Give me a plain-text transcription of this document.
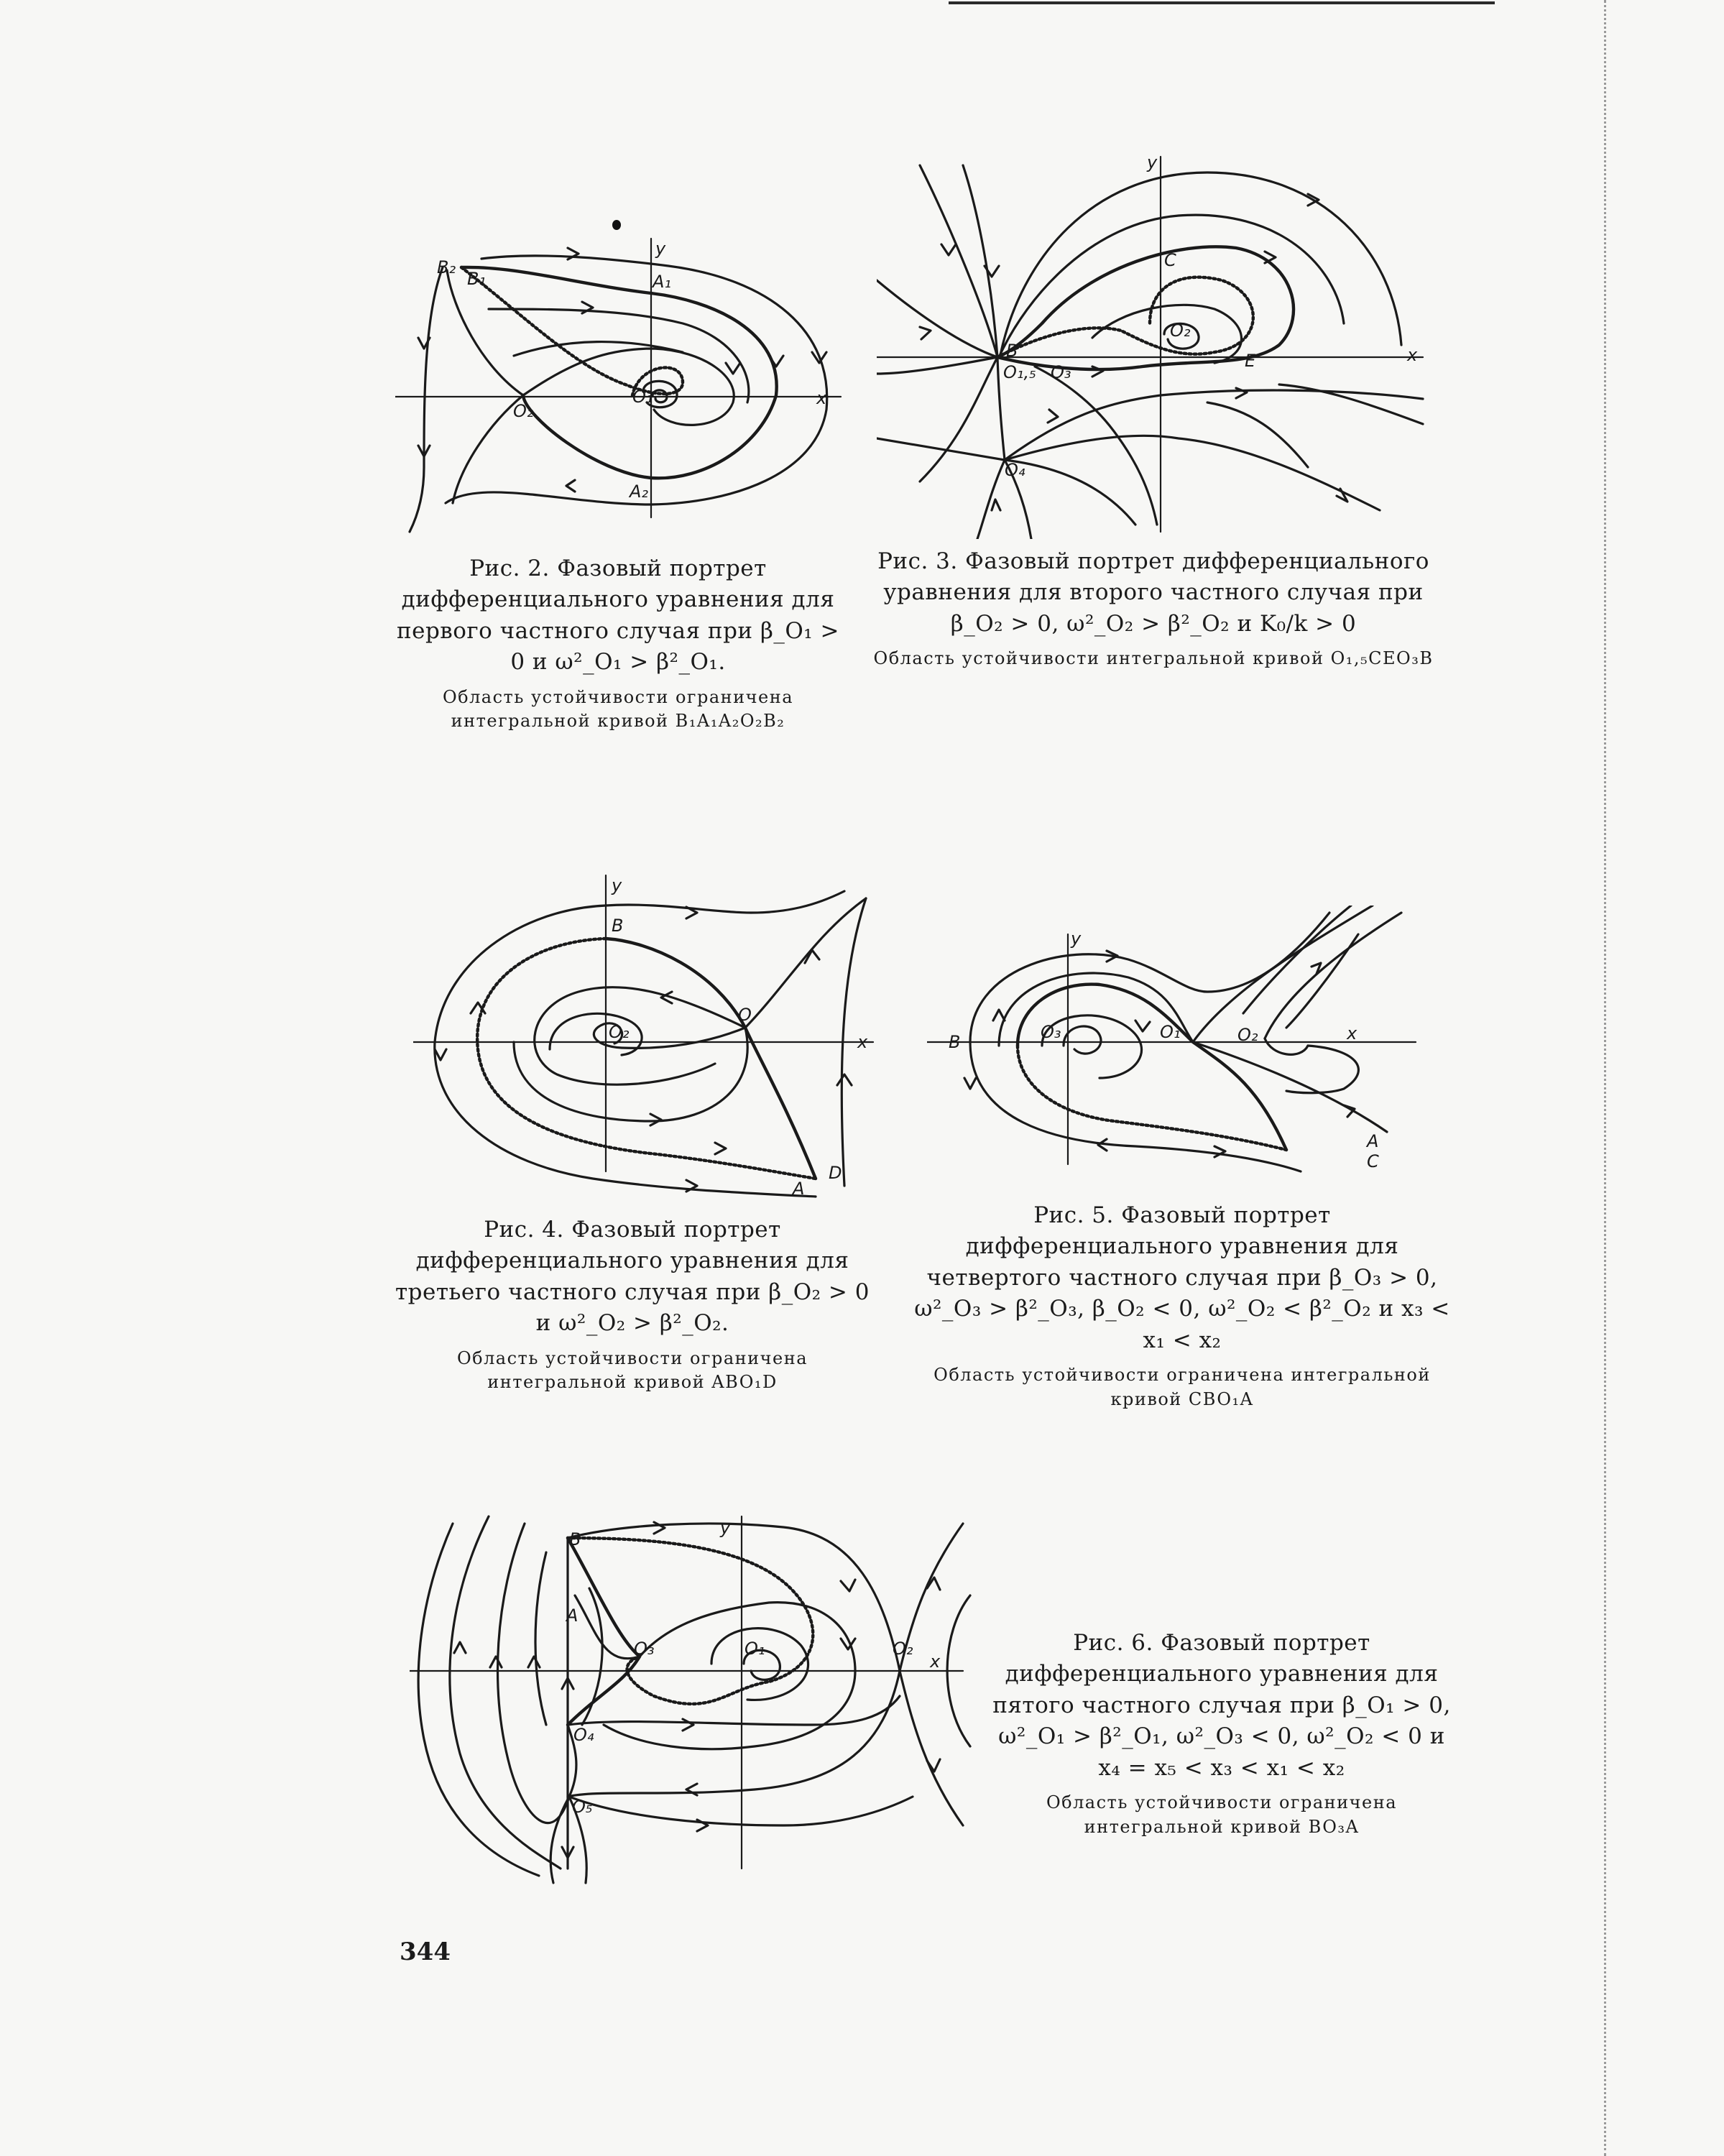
y
x
B₂
B₁	A₁
O₂
O₁
A₂

Рис. 2. Фазовый портрет дифференциального уравнения для первого частного случая при β_O₁ > 0 и ω²_O₁ > β²_O₁.

Область устойчивости ограничена интегральной кривой B₁A₁A₂O₂B₂

y
x
C
O₂
E
B
O₁,₅ O₃
O₄

Рис. 3. Фазовый портрет дифференциального уравнения для второго частного случая при β_O₂ > 0, ω²_O₂ > β²_O₂ и K₀/k > 0

Область устойчивости интегральной кривой O₁,₅CEO₃B

y
x
B
O₂
O
D
A

Рис. 4. Фазовый портрет дифференциального уравнения для третьего частного случая при β_O₂ > 0 и ω²_O₂ > β²_O₂.

Область устойчивости ограничена интегральной кривой ABO₁D

y
x
B	O₃	O₁	O₂
A
C

Рис. 5. Фазовый портрет дифференциального уравнения для четвертого частного случая при β_O₃ > 0, ω²_O₃ > β²_O₃, β_O₂ < 0, ω²_O₂ < β²_O₂ и x₃ < x₁ < x₂

Область устойчивости ограничена интегральной кривой CBO₁A

y
x
B
A
O₃	O₁	O₂
O₄
O₅

Рис. 6. Фазовый портрет дифференциального уравнения для пятого частного случая при β_O₁ > 0, ω²_O₁ > β²_O₁, ω²_O₃ < 0, ω²_O₂ < 0 и x₄ = x₅ < x₃ < x₁ < x₂

Область устойчивости ограничена интегральной кривой BO₃A

344
